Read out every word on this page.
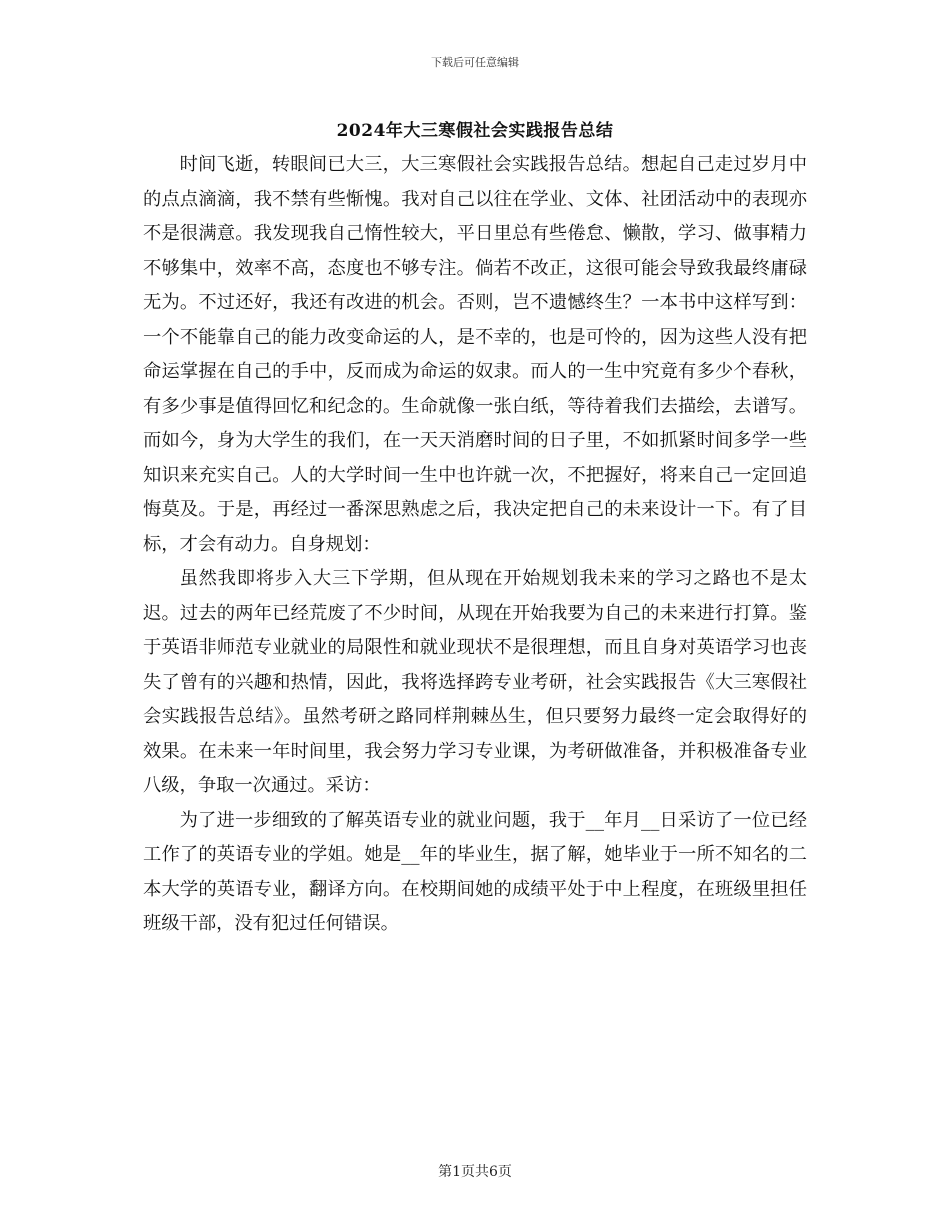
下载后可任意编辑
2024年大三寒假社会实践报告总结

时间飞逝，转眼间已大三，大三寒假社会实践报告总结。想起自己走过岁月中的点点滴滴，我不禁有些惭愧。我对自己以往在学业、文体、社团活动中的表现亦不是很满意。我发现我自己惰性较大，平日里总有些倦怠、懒散，学习、做事精力不够集中，效率不高，态度也不够专注。倘若不改正，这很可能会导致我最终庸碌无为。不过还好，我还有改进的机会。否则，岂不遗憾终生？一本书中这样写到：一个不能靠自己的能力改变命运的人，是不幸的，也是可怜的，因为这些人没有把命运掌握在自己的手中，反而成为命运的奴隶。而人的一生中究竟有多少个春秋，有多少事是值得回忆和纪念的。生命就像一张白纸，等待着我们去描绘，去谱写。而如今，身为大学生的我们，在一天天消磨时间的日子里，不如抓紧时间多学一些知识来充实自己。人的大学时间一生中也许就一次，不把握好，将来自己一定回追悔莫及。于是，再经过一番深思熟虑之后，我决定把自己的未来设计一下。有了目标，才会有动力。自身规划：

虽然我即将步入大三下学期，但从现在开始规划我未来的学习之路也不是太迟。过去的两年已经荒废了不少时间，从现在开始我要为自己的未来进行打算。鉴于英语非师范专业就业的局限性和就业现状不是很理想，而且自身对英语学习也丧失了曾有的兴趣和热情，因此，我将选择跨专业考研，社会实践报告《大三寒假社会实践报告总结》。虽然考研之路同样荆棘丛生，但只要努力最终一定会取得好的效果。在未来一年时间里，我会努力学习专业课，为考研做准备，并积极准备专业八级，争取一次通过。采访：

为了进一步细致的了解英语专业的就业问题，我于__年月__日采访了一位已经工作了的英语专业的学姐。她是__年的毕业生，据了解，她毕业于一所不知名的二本大学的英语专业，翻译方向。在校期间她的成绩平处于中上程度，在班级里担任班级干部，没有犯过任何错误。

第1页共6页
